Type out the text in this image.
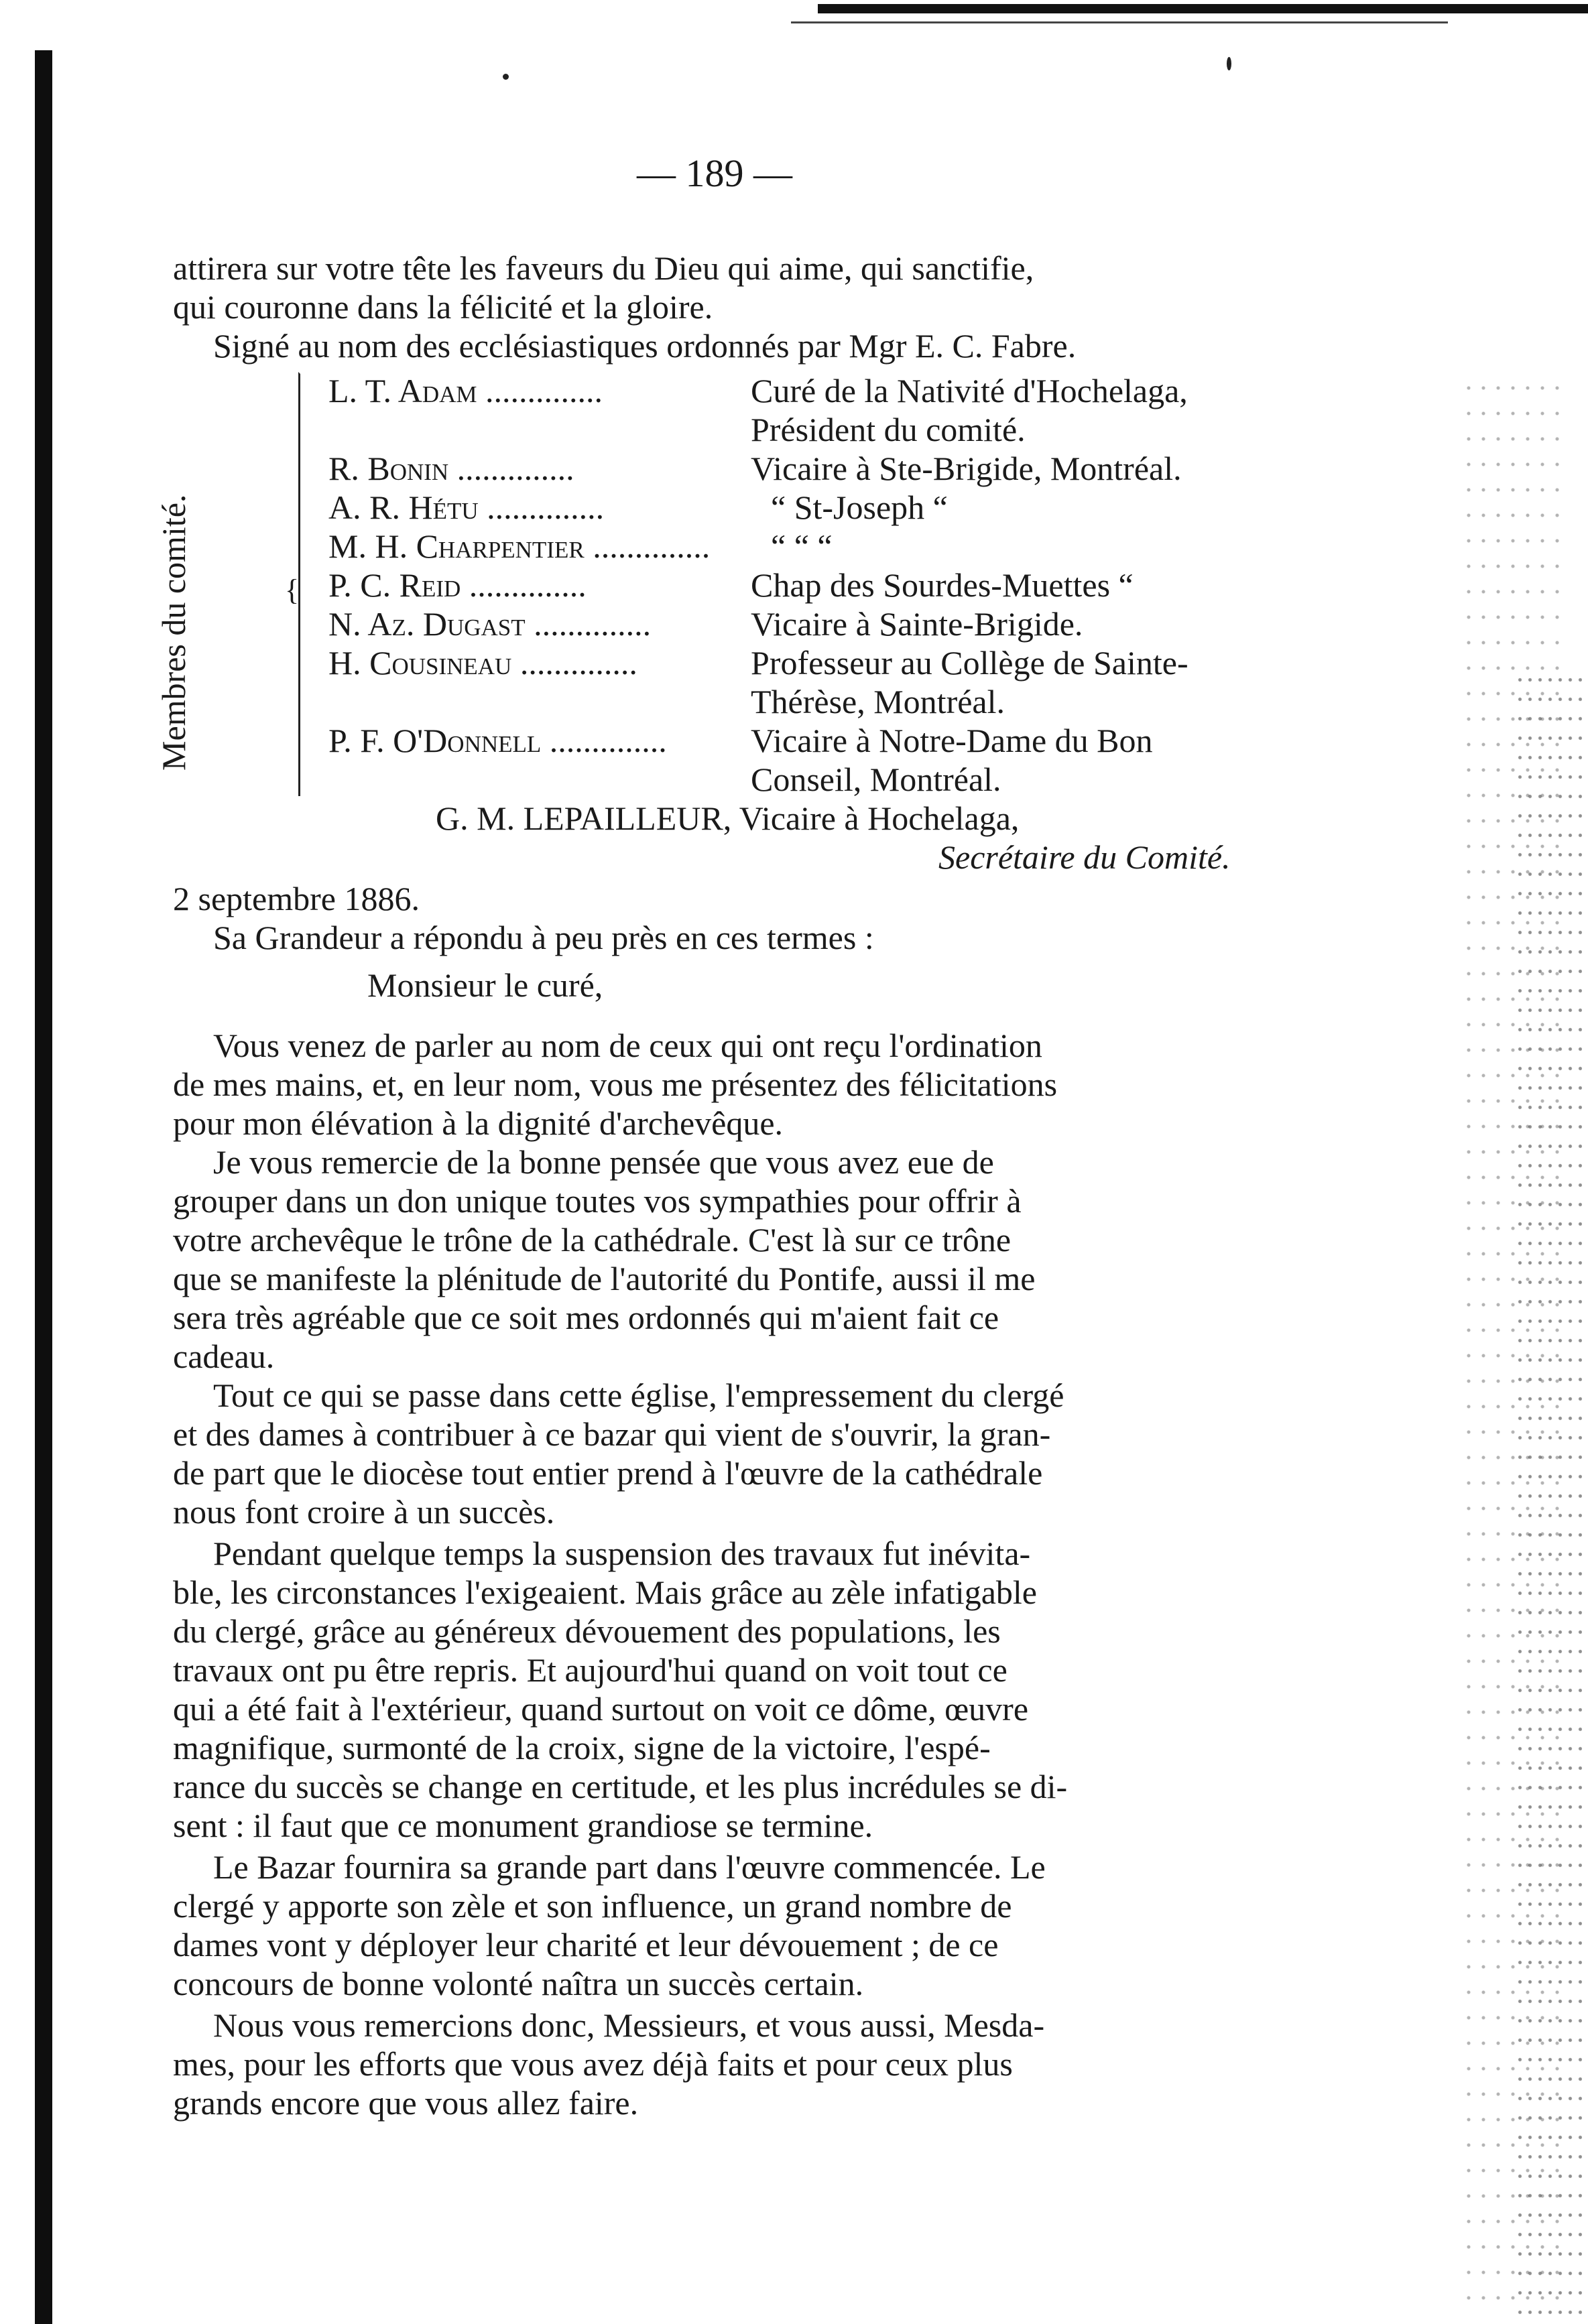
— 189 —
attirera sur votre tête les faveurs du Dieu qui aime, qui sanctifie,
qui couronne dans la félicité et la gloire.
Signé au nom des ecclésiastiques ordonnés par Mgr E. C. Fabre.
Membres du comité.	{
L. T. Adam ..............	Curé de la Nativité d'Hochelaga,
Président du comité.
R. Bonin ..............	Vicaire à Ste-Brigide, Montréal.
A. R. Hétu ..............	“ St-Joseph “
M. H. Charpentier .............. “ “ “
P. C. Reid ..............	Chap des Sourdes-Muettes “
N. Az. Dugast ..............	Vicaire à Sainte-Brigide.
H. Cousineau ..............	Professeur au Collège de Sainte-
Thérèse, Montréal.
P. F. O'Donnell ..............	Vicaire à Notre-Dame du Bon
Conseil, Montréal.
G. M. LEPAILLEUR, Vicaire à Hochelaga,
Secrétaire du Comité.
2 septembre 1886.
Sa Grandeur a répondu à peu près en ces termes :
Monsieur le curé,
Vous venez de parler au nom de ceux qui ont reçu l'ordination
de mes mains, et, en leur nom, vous me présentez des félicitations
pour mon élévation à la dignité d'archevêque.
Je vous remercie de la bonne pensée que vous avez eue de
grouper dans un don unique toutes vos sympathies pour offrir à
votre archevêque le trône de la cathédrale. C'est là sur ce trône
que se manifeste la plénitude de l'autorité du Pontife, aussi il me
sera très agréable que ce soit mes ordonnés qui m'aient fait ce
cadeau.
Tout ce qui se passe dans cette église, l'empressement du clergé
et des dames à contribuer à ce bazar qui vient de s'ouvrir, la gran-
de part que le diocèse tout entier prend à l'œuvre de la cathédrale
nous font croire à un succès.
Pendant quelque temps la suspension des travaux fut inévita-
ble, les circonstances l'exigeaient. Mais grâce au zèle infatigable
du clergé, grâce au généreux dévouement des populations, les
travaux ont pu être repris. Et aujourd'hui quand on voit tout ce
qui a été fait à l'extérieur, quand surtout on voit ce dôme, œuvre
magnifique, surmonté de la croix, signe de la victoire, l'espé-
rance du succès se change en certitude, et les plus incrédules se di-
sent : il faut que ce monument grandiose se termine.
Le Bazar fournira sa grande part dans l'œuvre commencée. Le
clergé y apporte son zèle et son influence, un grand nombre de
dames vont y déployer leur charité et leur dévouement ; de ce
concours de bonne volonté naîtra un succès certain.
Nous vous remercions donc, Messieurs, et vous aussi, Mesda-
mes, pour les efforts que vous avez déjà faits et pour ceux plus
grands encore que vous allez faire.
